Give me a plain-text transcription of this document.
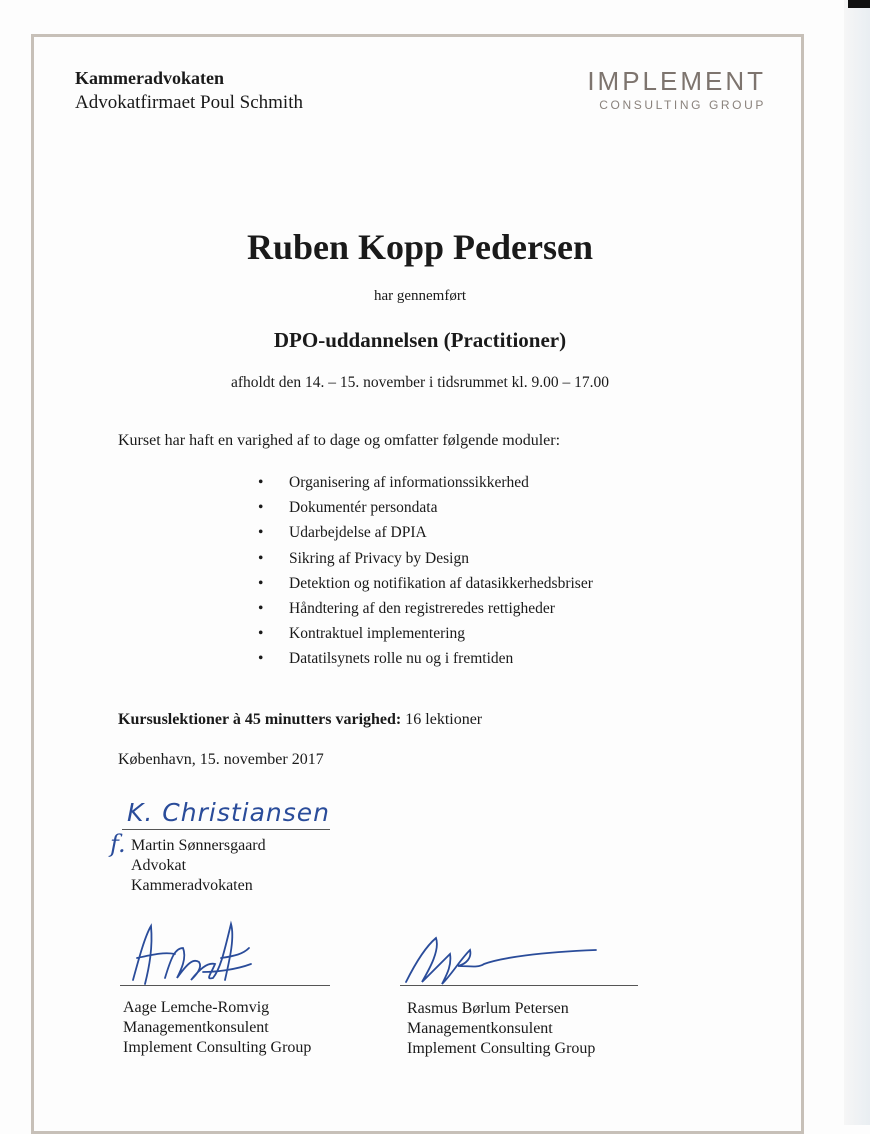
Kammeradvokaten
Advokatfirmaet Poul Schmith
IMPLEMENT
CONSULTING GROUP
Ruben Kopp Pedersen
har gennemført
DPO-uddannelsen (Practitioner)
afholdt den 14. – 15. november i tidsrummet kl. 9.00 – 17.00
Kurset har haft en varighed af to dage og omfatter følgende moduler:
• Organisering af informationssikkerhed
• Dokumentér persondata
• Udarbejdelse af DPIA
• Sikring af Privacy by Design
• Detektion og notifikation af datasikkerhedsbriser
• Håndtering af den registreredes rettigheder
• Kontraktuel implementering
• Datatilsynets rolle nu og i fremtiden
Kursuslektioner à 45 minutters varighed: 16 lektioner
København, 15. november 2017
K. Christiansen
f. Martin Sønnersgaard
Advokat
Kammeradvokaten
Aage Lemche-Romvig
Managementkonsulent
Implement Consulting Group
Rasmus Børlum Petersen
Managementkonsulent
Implement Consulting Group
